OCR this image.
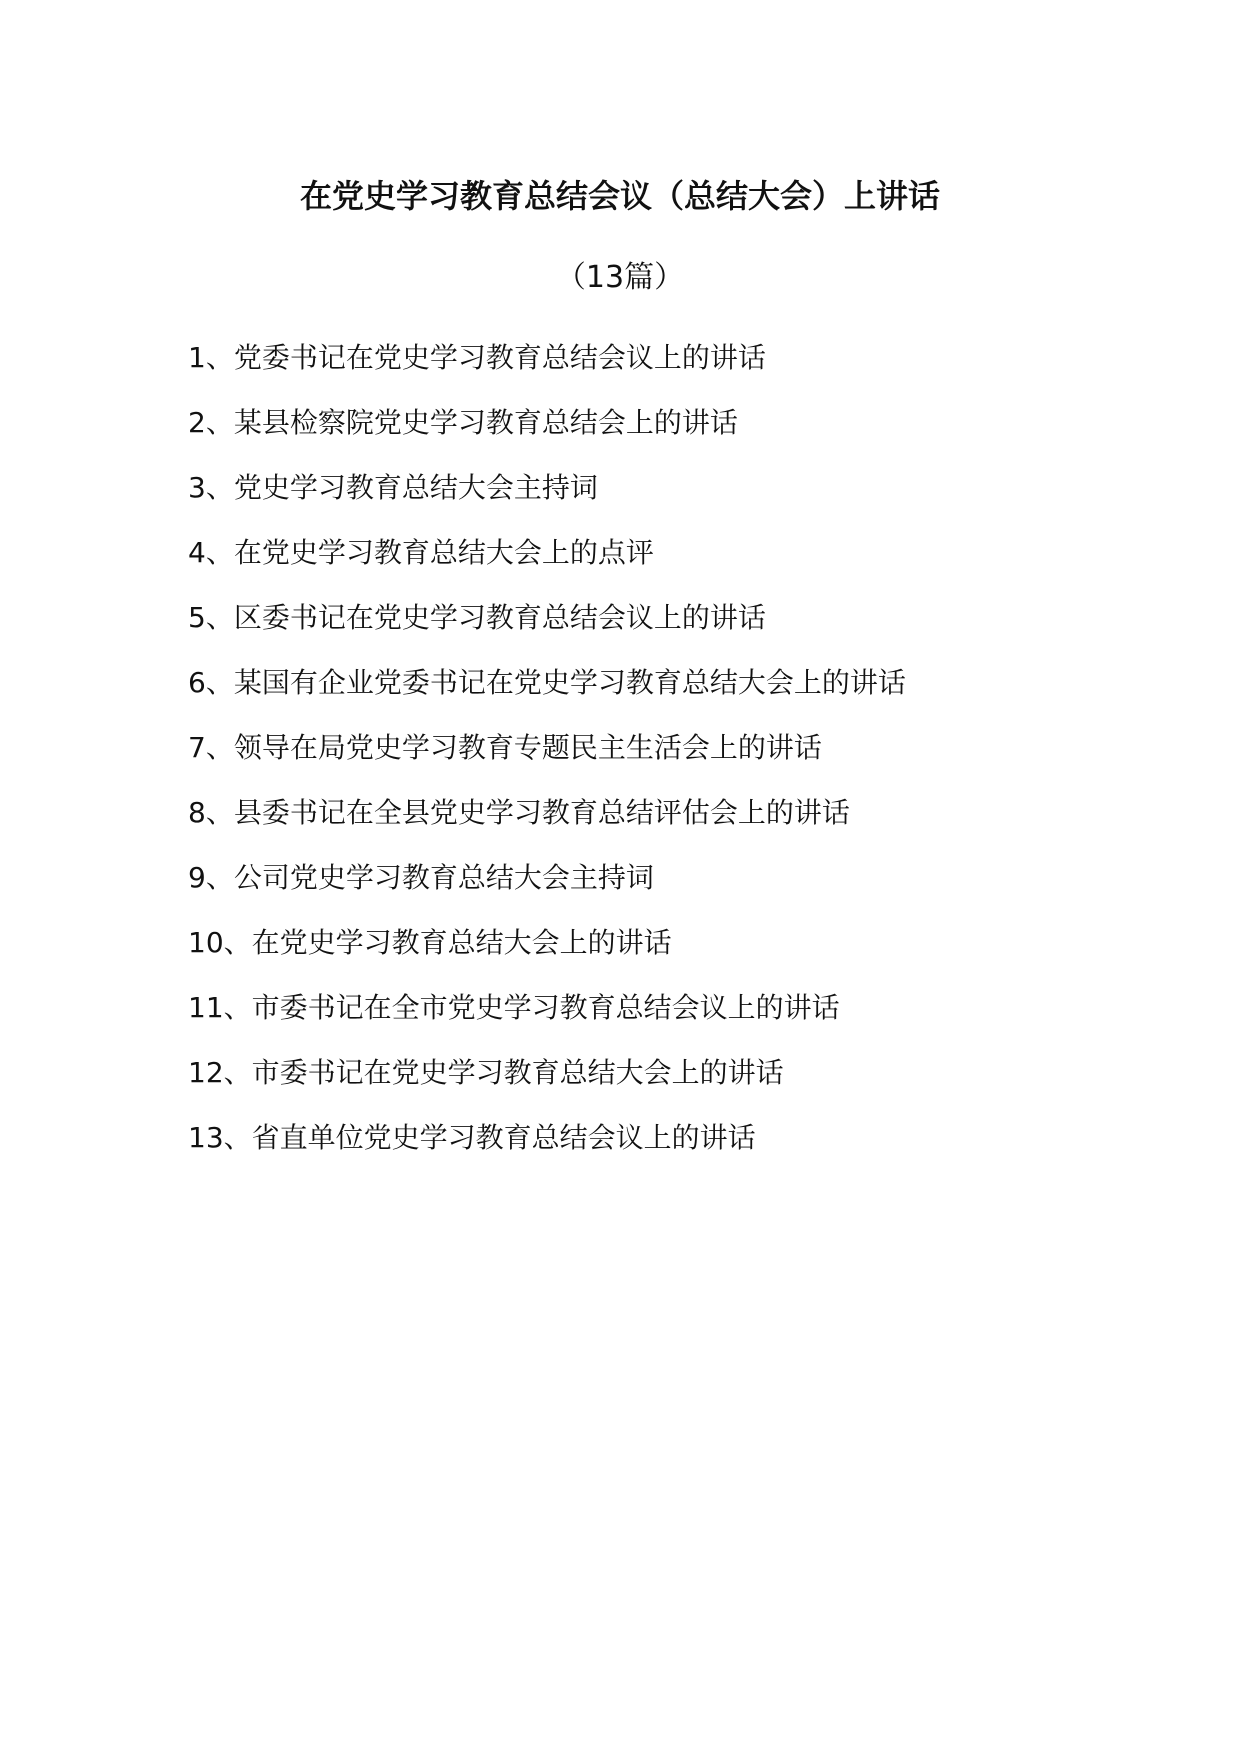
在党史学习教育总结会议（总结大会）上讲话
（13篇）
1、党委书记在党史学习教育总结会议上的讲话
2、某县检察院党史学习教育总结会上的讲话
3、党史学习教育总结大会主持词
4、在党史学习教育总结大会上的点评
5、区委书记在党史学习教育总结会议上的讲话
6、某国有企业党委书记在党史学习教育总结大会上的讲话
7、领导在局党史学习教育专题民主生活会上的讲话
8、县委书记在全县党史学习教育总结评估会上的讲话
9、公司党史学习教育总结大会主持词
10、在党史学习教育总结大会上的讲话
11、市委书记在全市党史学习教育总结会议上的讲话
12、市委书记在党史学习教育总结大会上的讲话
13、省直单位党史学习教育总结会议上的讲话
